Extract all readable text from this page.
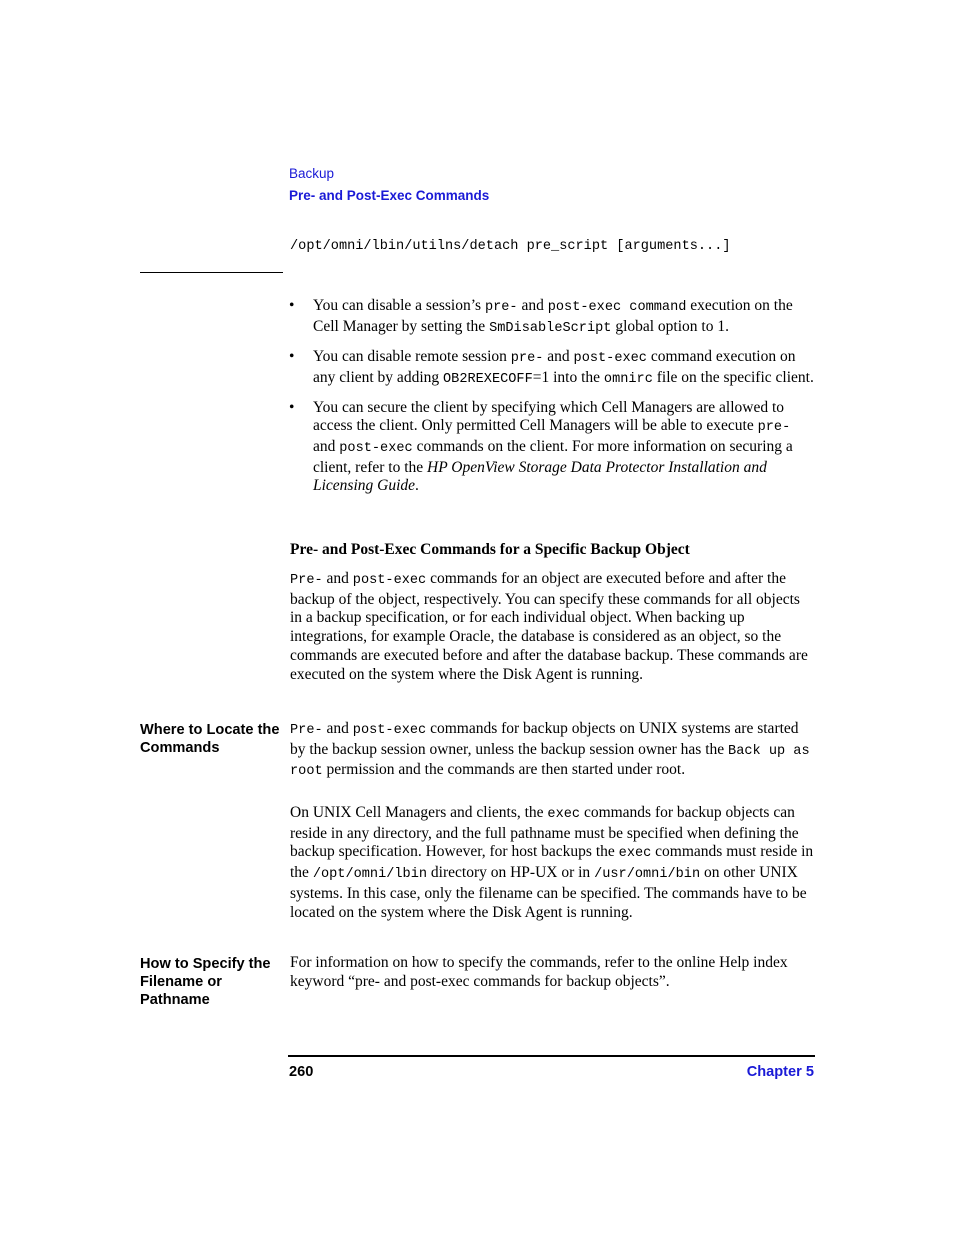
Backup
Pre- and Post-Exec Commands
/opt/omni/lbin/utilns/detach pre_script [arguments...]
• You can disable a session’s pre- and post-exec command execution on the Cell Manager by setting the SmDisableScript global option to 1.
• You can disable remote session pre- and post-exec command execution on any client by adding OB2REXECOFF=1 into the omnirc file on the specific client.
• You can secure the client by specifying which Cell Managers are allowed to access the client. Only permitted Cell Managers will be able to execute pre- and post-exec commands on the client. For more information on securing a client, refer to the HP OpenView Storage Data Protector Installation and Licensing Guide.
Pre- and Post-Exec Commands for a Specific Backup Object

Pre- and post-exec commands for an object are executed before and after the backup of the object, respectively. You can specify these commands for all objects in a backup specification, or for each individual object. When backing up integrations, for example Oracle, the database is considered as an object, so the commands are executed before and after the database backup. These commands are executed on the system where the Disk Agent is running.

Where to Locate the Commands

Pre- and post-exec commands for backup objects on UNIX systems are started by the backup session owner, unless the backup session owner has the Back up as root permission and the commands are then started under root.

On UNIX Cell Managers and clients, the exec commands for backup objects can reside in any directory, and the full pathname must be specified when defining the backup specification. However, for host backups the exec commands must reside in the /opt/omni/lbin directory on HP-UX or in /usr/omni/bin on other UNIX systems. In this case, only the filename can be specified. The commands have to be located on the system where the Disk Agent is running.

How to Specify the Filename or Pathname

For information on how to specify the commands, refer to the online Help index keyword “pre- and post-exec commands for backup objects”.

260	Chapter 5
